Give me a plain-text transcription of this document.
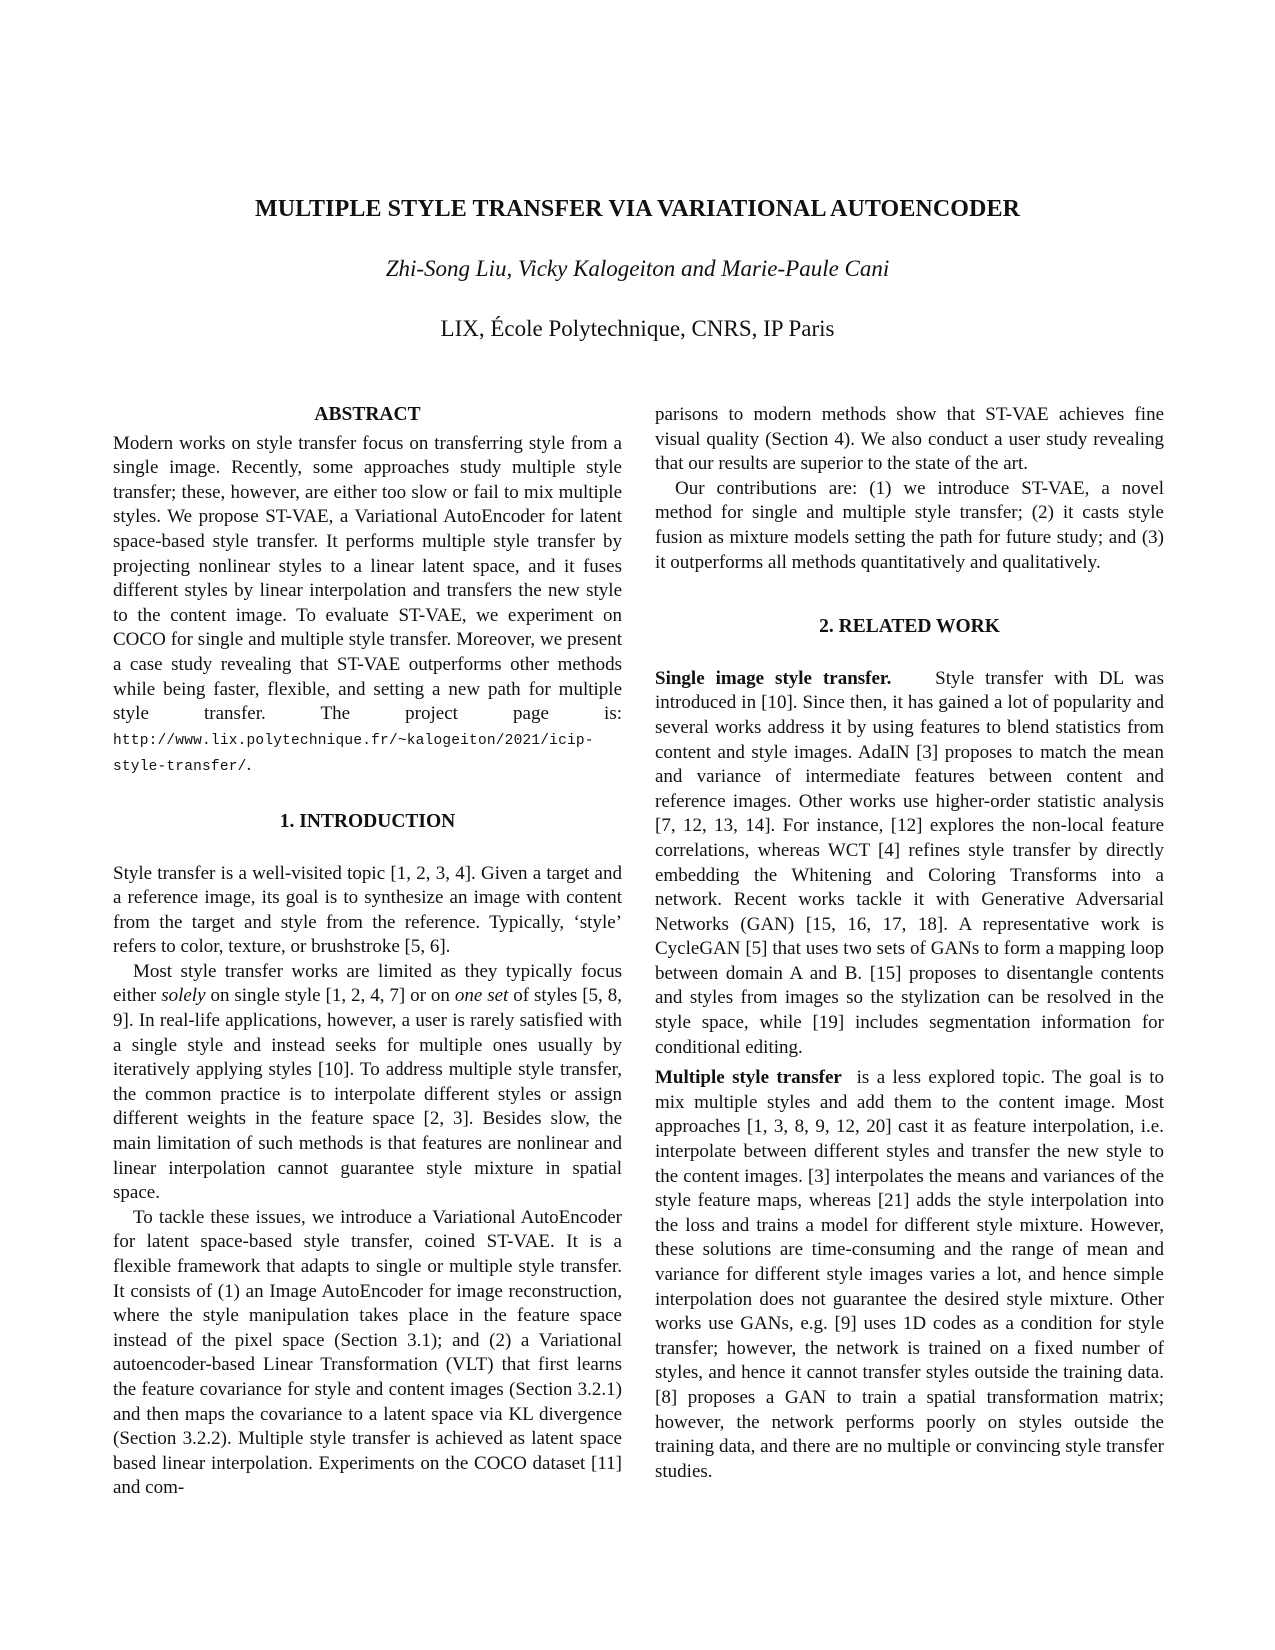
MULTIPLE STYLE TRANSFER VIA VARIATIONAL AUTOENCODER
Zhi-Song Liu, Vicky Kalogeiton and Marie-Paule Cani
LIX, École Polytechnique, CNRS, IP Paris
ABSTRACT

Modern works on style transfer focus on transferring style from a single image. Recently, some approaches study multiple style transfer; these, however, are either too slow or fail to mix multiple styles. We propose ST-VAE, a Variational AutoEncoder for latent space-based style transfer. It performs multiple style transfer by projecting nonlinear styles to a linear latent space, and it fuses different styles by linear interpolation and transfers the new style to the content image. To evaluate ST-VAE, we experiment on COCO for single and multiple style transfer. Moreover, we present a case study revealing that ST-VAE outperforms other methods while being faster, flexible, and setting a new path for multiple style transfer. The project page is: http://www.lix.polytechnique.fr/~kalogeiton/2021/icip-style-transfer/.

1. INTRODUCTION

Style transfer is a well-visited topic [1, 2, 3, 4]. Given a target and a reference image, its goal is to synthesize an image with content from the target and style from the reference. Typically, ‘style’ refers to color, texture, or brushstroke [5, 6].

Most style transfer works are limited as they typically focus either solely on single style [1, 2, 4, 7] or on one set of styles [5, 8, 9]. In real-life applications, however, a user is rarely satisfied with a single style and instead seeks for multiple ones usually by iteratively applying styles [10]. To address multiple style transfer, the common practice is to interpolate different styles or assign different weights in the feature space [2, 3]. Besides slow, the main limitation of such methods is that features are nonlinear and linear interpolation cannot guarantee style mixture in spatial space.

To tackle these issues, we introduce a Variational AutoEncoder for latent space-based style transfer, coined ST-VAE. It is a flexible framework that adapts to single or multiple style transfer. It consists of (1) an Image AutoEncoder for image reconstruction, where the style manipulation takes place in the feature space instead of the pixel space (Section 3.1); and (2) a Variational autoencoder-based Linear Transformation (VLT) that first learns the feature covariance for style and content images (Section 3.2.1) and then maps the covariance to a latent space via KL divergence (Section 3.2.2). Multiple style transfer is achieved as latent space based linear interpolation. Experiments on the COCO dataset [11] and com-

parisons to modern methods show that ST-VAE achieves fine visual quality (Section 4). We also conduct a user study revealing that our results are superior to the state of the art.

Our contributions are: (1) we introduce ST-VAE, a novel method for single and multiple style transfer; (2) it casts style fusion as mixture models setting the path for future study; and (3) it outperforms all methods quantitatively and qualitatively.

2. RELATED WORK

Single image style transfer. Style transfer with DL was introduced in [10]. Since then, it has gained a lot of popularity and several works address it by using features to blend statistics from content and style images. AdaIN [3] proposes to match the mean and variance of intermediate features between content and reference images. Other works use higher-order statistic analysis [7, 12, 13, 14]. For instance, [12] explores the non-local feature correlations, whereas WCT [4] refines style transfer by directly embedding the Whitening and Coloring Transforms into a network. Recent works tackle it with Generative Adversarial Networks (GAN) [15, 16, 17, 18]. A representative work is CycleGAN [5] that uses two sets of GANs to form a mapping loop between domain A and B. [15] proposes to disentangle contents and styles from images so the stylization can be resolved in the style space, while [19] includes segmentation information for conditional editing.

Multiple style transfer is a less explored topic. The goal is to mix multiple styles and add them to the content image. Most approaches [1, 3, 8, 9, 12, 20] cast it as feature interpolation, i.e. interpolate between different styles and transfer the new style to the content images. [3] interpolates the means and variances of the style feature maps, whereas [21] adds the style interpolation into the loss and trains a model for different style mixture. However, these solutions are time-consuming and the range of mean and variance for different style images varies a lot, and hence simple interpolation does not guarantee the desired style mixture. Other works use GANs, e.g. [9] uses 1D codes as a condition for style transfer; however, the network is trained on a fixed number of styles, and hence it cannot transfer styles outside the training data. [8] proposes a GAN to train a spatial transformation matrix; however, the network performs poorly on styles outside the training data, and there are no multiple or convincing style transfer studies.
